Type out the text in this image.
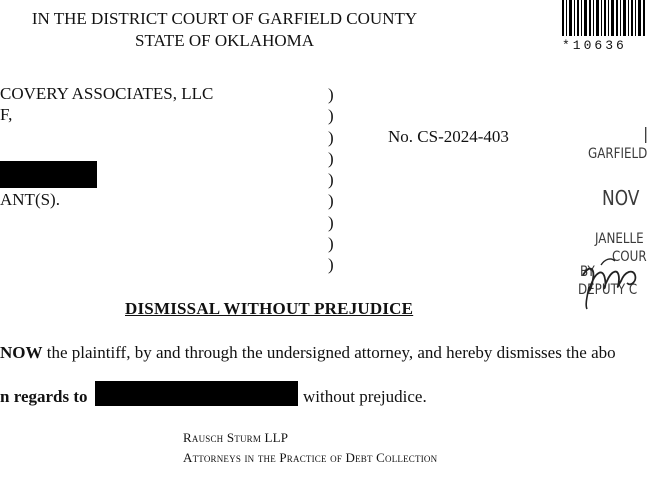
IN THE DISTRICT COURT OF GARFIELD COUNTY
STATE OF OKLAHOMA	*10636
COVERY ASSOCIATES, LLC
F,
ANT(S).
)
)
)
)
)
)
)
)
)
No. CS-2024-403	|
GARFIELD
NOV
JANELLE
COUR
BY
DEPUTY C
DISMISSAL WITHOUT PREJUDICE
NOW the plaintiff, by and through the undersigned attorney, and hereby dismisses the abo
n regards to	without prejudice.
Rausch Sturm LLP
Attorneys in the Practice of Debt Collection
